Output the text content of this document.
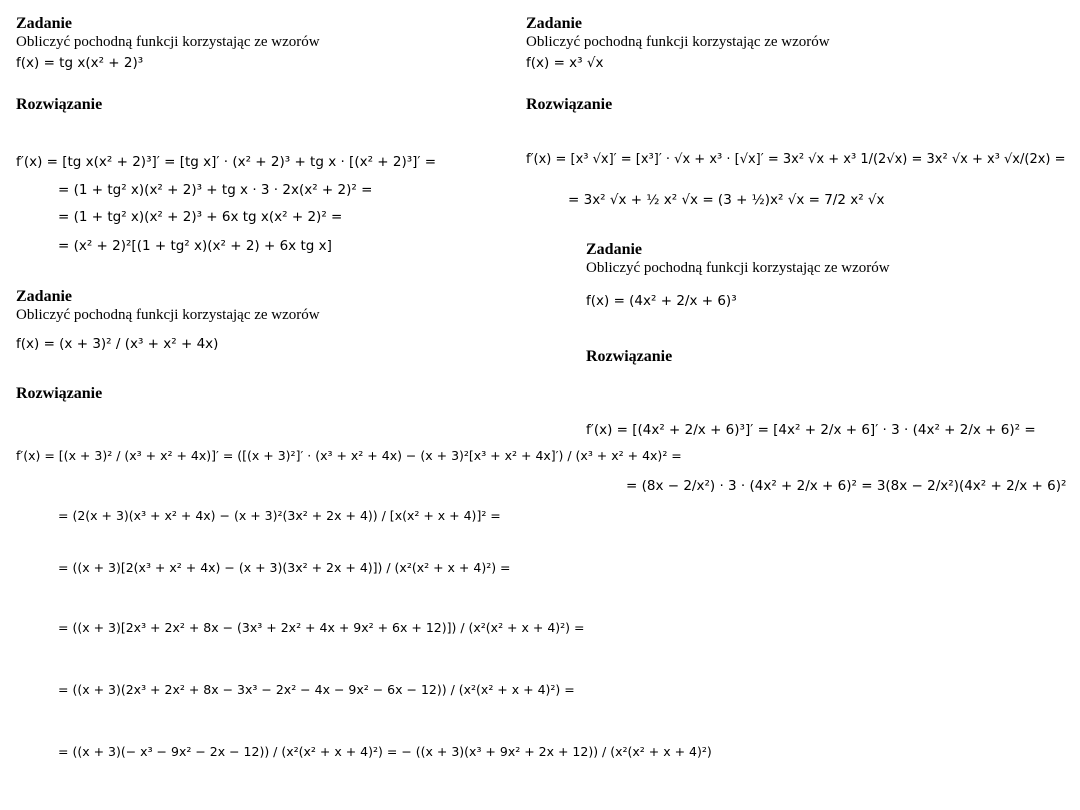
Zadanie
Obliczyć pochodną funkcji korzystając ze wzorów
f(x) = tg x(x² + 2)³
Rozwiązanie
f′(x) = [tg x(x² + 2)³]′ = [tg x]′ · (x² + 2)³ + tg x · [(x² + 2)³]′ =
= (1 + tg² x)(x² + 2)³ + tg x · 3 · 2x(x² + 2)² =
= (1 + tg² x)(x² + 2)³ + 6x tg x(x² + 2)² =
= (x² + 2)²[(1 + tg² x)(x² + 2) + 6x tg x]
Zadanie
Obliczyć pochodną funkcji korzystając ze wzorów
f(x) = (x + 3)² / (x³ + x² + 4x)
Rozwiązanie
f′(x) = [(x + 3)² / (x³ + x² + 4x)]′ = ([(x + 3)²]′ · (x³ + x² + 4x) − (x + 3)²[x³ + x² + 4x]′) / (x³ + x² + 4x)² =
= (2(x + 3)(x³ + x² + 4x) − (x + 3)²(3x² + 2x + 4)) / [x(x² + x + 4)]² =
= ((x + 3)[2(x³ + x² + 4x) − (x + 3)(3x² + 2x + 4)]) / (x²(x² + x + 4)²) =
= ((x + 3)[2x³ + 2x² + 8x − (3x³ + 2x² + 4x + 9x² + 6x + 12)]) / (x²(x² + x + 4)²) =
= ((x + 3)(2x³ + 2x² + 8x − 3x³ − 2x² − 4x − 9x² − 6x − 12)) / (x²(x² + x + 4)²) =
= ((x + 3)(− x³ − 9x² − 2x − 12)) / (x²(x² + x + 4)²) = − ((x + 3)(x³ + 9x² + 2x + 12)) / (x²(x² + x + 4)²)
Zadanie
Obliczyć pochodną funkcji korzystając ze wzorów
f(x) = x³ √x
Rozwiązanie
f′(x) = [x³ √x]′ = [x³]′ · √x + x³ · [√x]′ = 3x² √x + x³ 1/(2√x) = 3x² √x + x³ √x/(2x) =
= 3x² √x + ½ x² √x = (3 + ½)x² √x = 7/2 x² √x
Zadanie
Obliczyć pochodną funkcji korzystając ze wzorów
f(x) = (4x² + 2/x + 6)³
Rozwiązanie
f′(x) = [(4x² + 2/x + 6)³]′ = [4x² + 2/x + 6]′ · 3 · (4x² + 2/x + 6)² =
= (8x − 2/x²) · 3 · (4x² + 2/x + 6)² = 3(8x − 2/x²)(4x² + 2/x + 6)²
